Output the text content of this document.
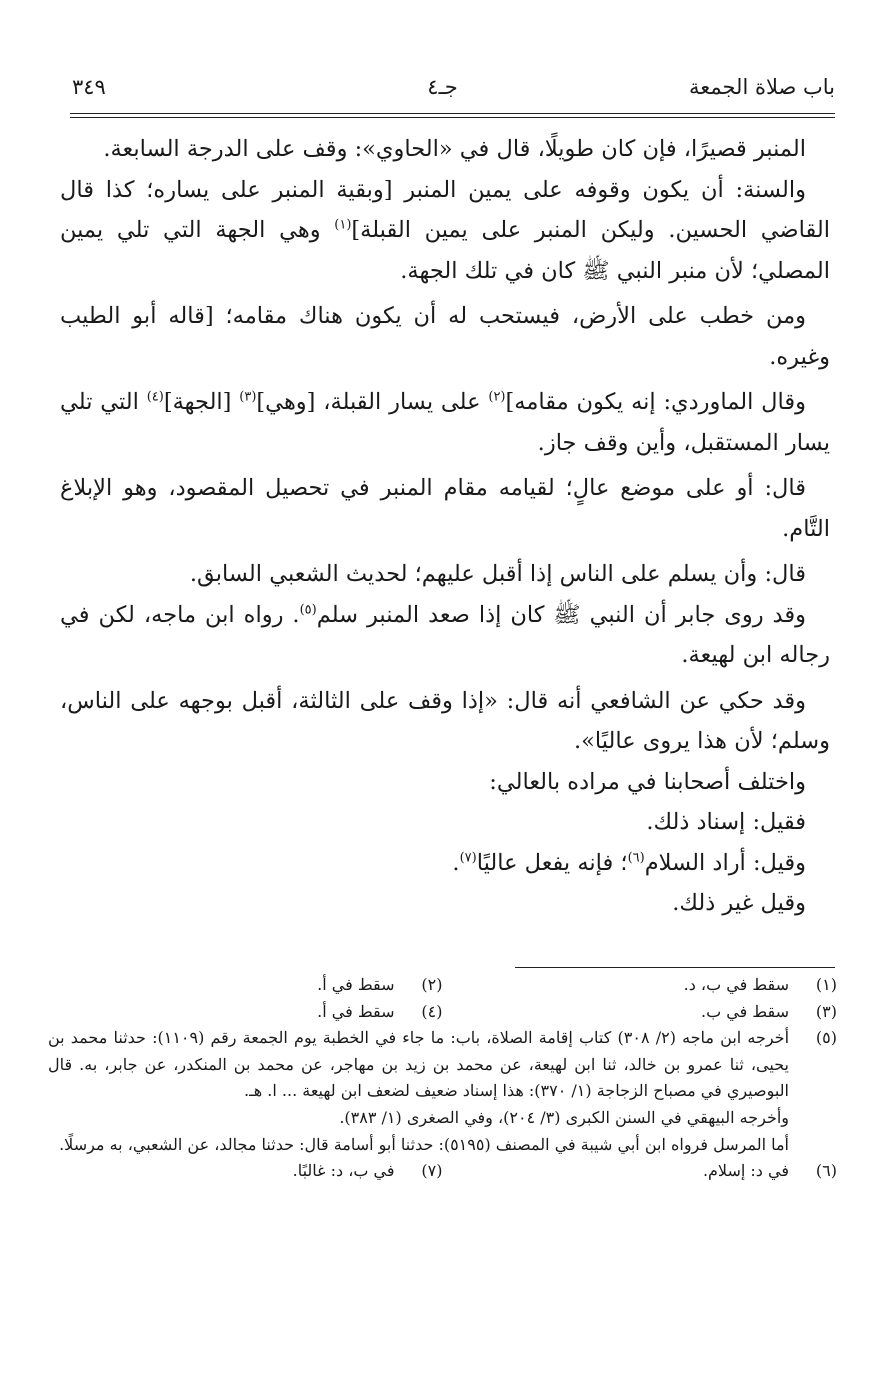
باب صلاة الجمعة
جـ٤
٣٤٩

المنبر قصيرًا، فإن كان طويلًا، قال في «الحاوي»: وقف على الدرجة السابعة.

والسنة: أن يكون وقوفه على يمين المنبر [وبقية المنبر على يساره؛ كذا قال القاضي الحسين. وليكن المنبر على يمين القبلة]$^{(١)}$ وهي الجهة التي تلي يمين المصلي؛ لأن منبر النبي ﷺ كان في تلك الجهة.

ومن خطب على الأرض، فيستحب له أن يكون هناك مقامه؛ [قاله أبو الطيب وغيره.

وقال الماوردي: إنه يكون مقامه]$^{(٢)}$ على يسار القبلة، [وهي]$^{(٣)}$ [الجهة]$^{(٤)}$ التي تلي يسار المستقبل، وأين وقف جاز.

قال: أو على موضع عالٍ؛ لقيامه مقام المنبر في تحصيل المقصود، وهو الإبلاغ التَّام.

قال: وأن يسلم على الناس إذا أقبل عليهم؛ لحديث الشعبي السابق.

وقد روى جابر أن النبي ﷺ كان إذا صعد المنبر سلم$^{(٥)}$. رواه ابن ماجه، لكن في رجاله ابن لهيعة.

وقد حكي عن الشافعي أنه قال: «إذا وقف على الثالثة، أقبل بوجهه على الناس، وسلم؛ لأن هذا يروى عاليًا».

واختلف أصحابنا في مراده بالعالي:

فقيل: إسناد ذلك.

وقيل: أراد السلام$^{(٦)}$؛ فإنه يفعل عاليًا$^{(٧)}$.

وقيل غير ذلك.

(١)
سقط في ب، د.
(٢)
سقط في أ.
(٣)
سقط في ب.
(٤)
سقط في أ.
(٥)

أخرجه ابن ماجه (٢/ ٣٠٨) كتاب إقامة الصلاة، باب: ما جاء في الخطبة يوم الجمعة رقم (١١٠٩): حدثنا محمد بن يحيى، ثنا عمرو بن خالد، ثنا ابن لهيعة، عن محمد بن زيد بن مهاجر، عن محمد بن المنكدر، عن جابر، به. قال البوصيري في مصباح الزجاجة (١/ ٣٧٠): هذا إسناد ضعيف لضعف ابن لهيعة ... ا. هـ.

وأخرجه البيهقي في السنن الكبرى (٣/ ٢٠٤)، وفي الصغرى (١/ ٣٨٣).

أما المرسل فرواه ابن أبي شيبة في المصنف (٥١٩٥): حدثنا أبو أسامة قال: حدثنا مجالد، عن الشعبي، به مرسلًا.

(٦)
في د: إسلام.
(٧)
في ب، د: غالبًا.
